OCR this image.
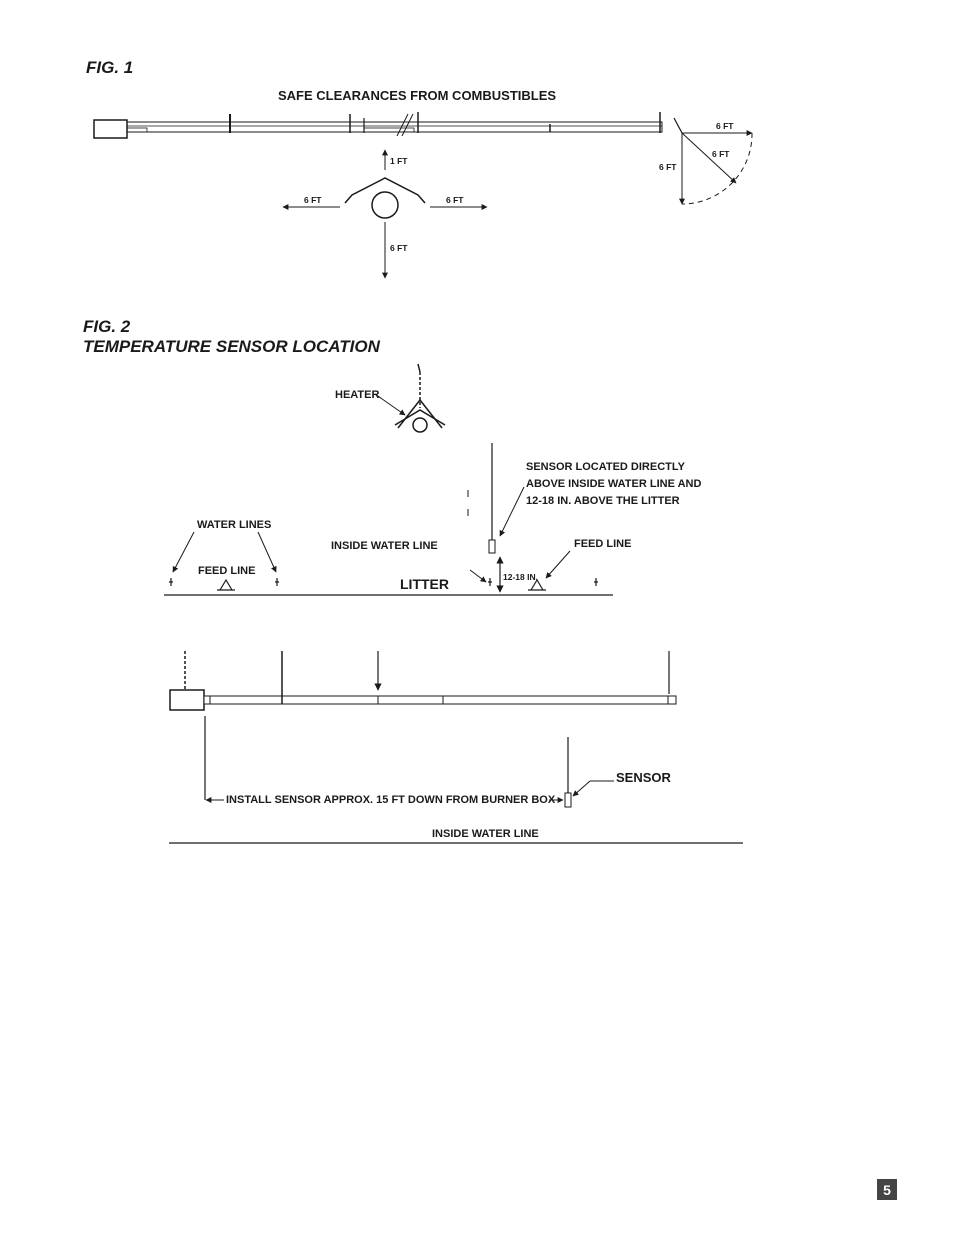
FIG. 1
FIG. 2
TEMPERATURE SENSOR LOCATION
SAFE CLEARANCES FROM COMBUSTIBLES
6 FT
6 FT
6 FT
1 FT
6 FT	6 FT
6 FT
HEATER
SENSOR LOCATED DIRECTLY
ABOVE INSIDE WATER LINE AND
12-18 IN. ABOVE THE LITTER
WATER LINES
FEED LINE
INSIDE WATER LINE	FEED LINE
12-18 IN.
LITTER
INSTALL SENSOR APPROX. 15 FT DOWN FROM BURNER BOX
SENSOR
INSIDE WATER LINE
5
